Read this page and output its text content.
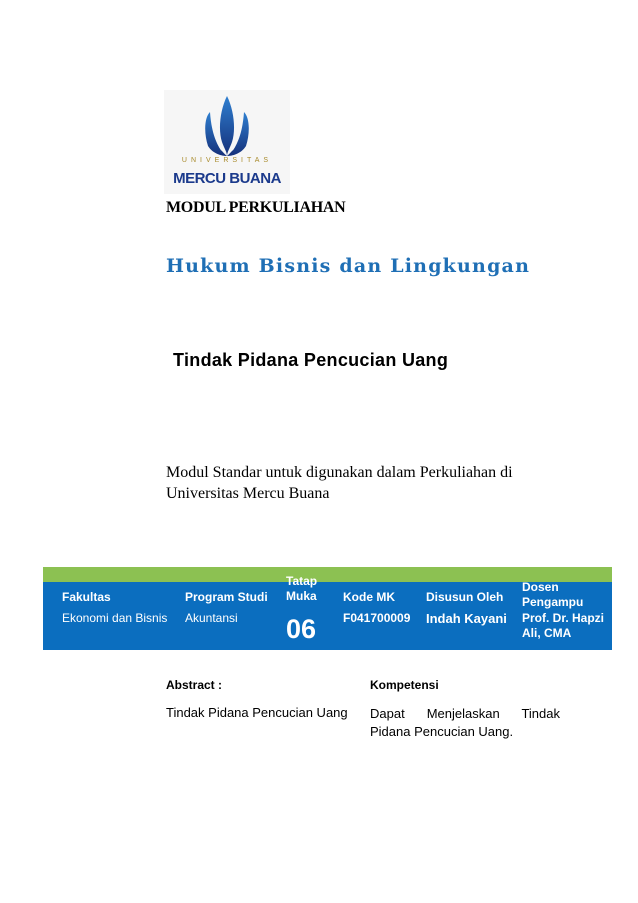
UNIVERSITAS
MERCU BUANA
MODUL PERKULIAHAN
Hukum Bisnis dan Lingkungan
Tindak Pidana Pencucian Uang
Modul Standar untuk digunakan dalam Perkuliahan di Universitas Mercu Buana
Fakultas
Ekonomi dan Bisnis
Program Studi
Akuntansi
Tatap Muka
06
Kode MK
F041700009
Disusun Oleh
Indah Kayani
Dosen Pengampu
Prof. Dr. Hapzi Ali, CMA
Abstract :	Kompetensi
Tindak Pidana Pencucian Uang Dapat Menjelaskan Tindak Pidana Pencucian Uang.
